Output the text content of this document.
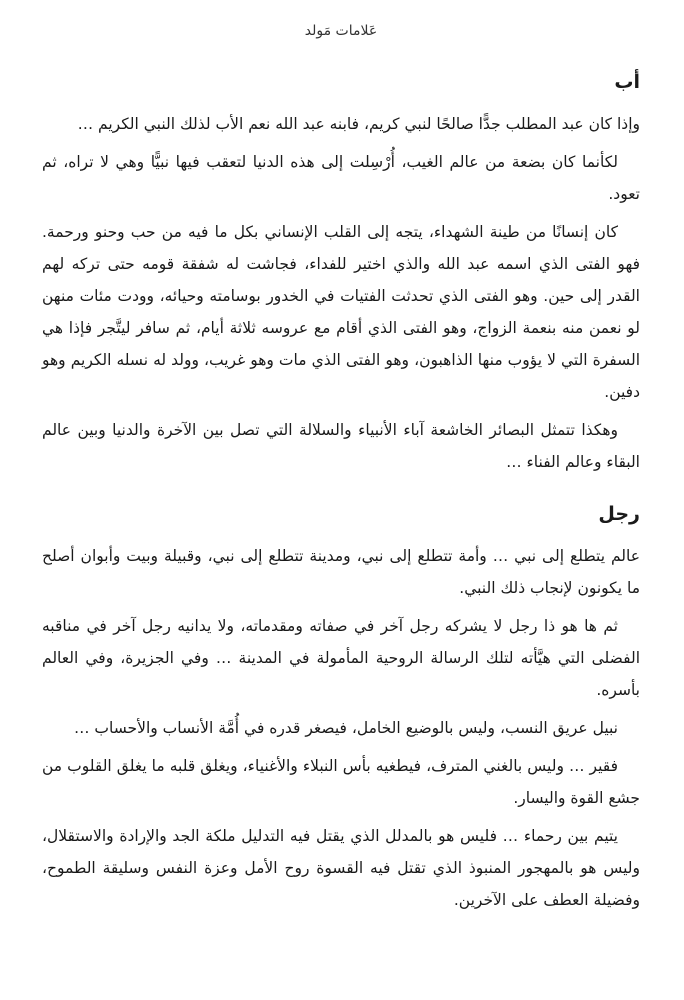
عَلامات مَولد
أب

وإذا كان عبد المطلب جدًّا صالحًا لنبي كريم، فابنه عبد الله نعم الأب لذلك النبي الكريم …

لكأنما كان بضعة من عالم الغيب، أُرْسِلت إلى هذه الدنيا لتعقب فيها نبيًّا وهي لا تراه، ثم تعود.

كان إنسانًا من طينة الشهداء، يتجه إلى القلب الإنساني بكل ما فيه من حب وحنو ورحمة. فهو الفتى الذي اسمه عبد الله والذي اختير للفداء، فجاشت له شفقة قومه حتى تركه لهم القدر إلى حين. وهو الفتى الذي تحدثت الفتيات في الخدور بوسامته وحيائه، وودت مئات منهن لو نعمن منه بنعمة الزواج، وهو الفتى الذي أقام مع عروسه ثلاثة أيام، ثم سافر ليتَّجر فإذا هي السفرة التي لا يؤوب منها الذاهبون، وهو الفتى الذي مات وهو غريب، وولد له نسله الكريم وهو دفين.

وهكذا تتمثل البصائر الخاشعة آباء الأنبياء والسلالة التي تصل بين الآخرة والدنيا وبين عالم البقاء وعالم الفناء …

رجل

عالم يتطلع إلى نبي … وأمة تتطلع إلى نبي، ومدينة تتطلع إلى نبي، وقبيلة وبيت وأبوان أصلح ما يكونون لإنجاب ذلك النبي.

ثم ها هو ذا رجل لا يشركه رجل آخر في صفاته ومقدماته، ولا يدانيه رجل آخر في مناقبه الفضلى التي هيَّأته لتلك الرسالة الروحية المأمولة في المدينة … وفي الجزيرة، وفي العالم بأسره.

نبيل عريق النسب، وليس بالوضيع الخامل، فيصغر قدره في أُمَّة الأنساب والأحساب …

فقير … وليس بالغني المترف، فيطغيه بأس النبلاء والأغنياء، ويغلق قلبه ما يغلق القلوب من جشع القوة واليسار.

يتيم بين رحماء … فليس هو بالمدلل الذي يقتل فيه التدليل ملكة الجد والإرادة والاستقلال، وليس هو بالمهجور المنبوذ الذي تقتل فيه القسوة روح الأمل وعزة النفس وسليقة الطموح، وفضيلة العطف على الآخرين.
